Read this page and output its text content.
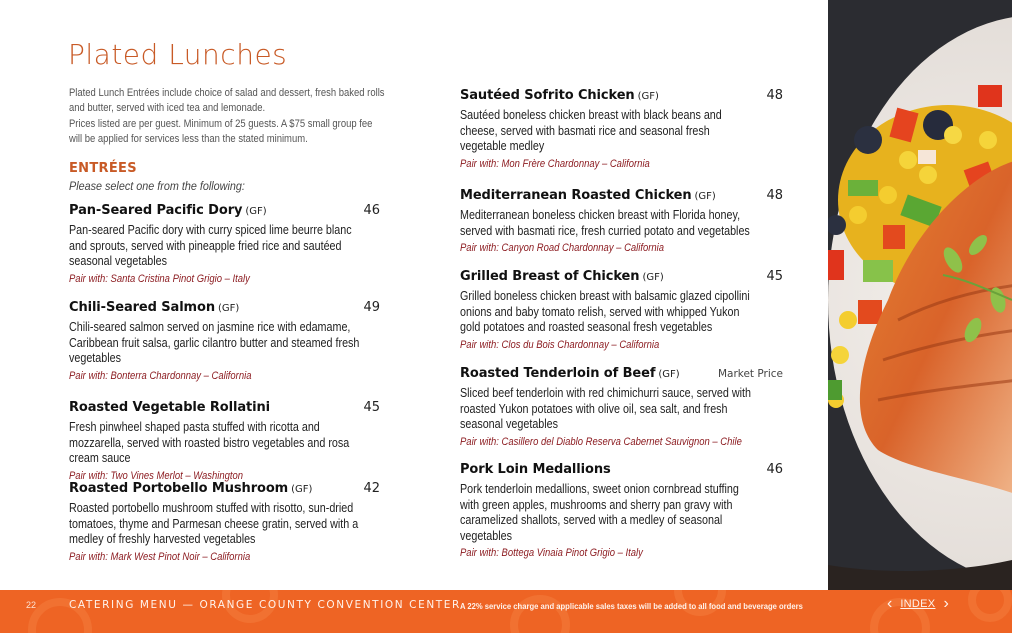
Plated Lunches

Plated Lunch Entrées include choice of salad and dessert, fresh baked rolls and butter, served with iced tea and lemonade.

Prices listed are per guest. Minimum of 25 guests. A $75 small group fee will be applied for services less than the stated minimum.

ENTRÉES
Please select one from the following:
Pan-Seared Pacific Dory (GF)	46
Pan-seared Pacific dory with curry spiced lime beurre blanc and sprouts, served with pineapple fried rice and sautéed seasonal vegetables
Pair with: Santa Cristina Pinot Grigio – Italy
Chili-Seared Salmon (GF)	49
Chili-seared salmon served on jasmine rice with edamame, Caribbean fruit salsa, garlic cilantro butter and steamed fresh vegetables
Pair with: Bonterra Chardonnay – California
Roasted Vegetable Rollatini	45
Fresh pinwheel shaped pasta stuffed with ricotta and mozzarella, served with roasted bistro vegetables and rosa cream sauce
Pair with: Two Vines Merlot – Washington
Roasted Portobello Mushroom (GF)	42
Roasted portobello mushroom stuffed with risotto, sun-dried tomatoes, thyme and Parmesan cheese gratin, served with a medley of freshly harvested vegetables
Pair with: Mark West Pinot Noir – California
Sautéed Sofrito Chicken (GF)	48
Sautéed boneless chicken breast with black beans and cheese, served with basmati rice and seasonal fresh vegetable medley
Pair with: Mon Frère Chardonnay – California
Mediterranean Roasted Chicken (GF)	48
Mediterranean boneless chicken breast with Florida honey, served with basmati rice, fresh curried potato and vegetables
Pair with: Canyon Road Chardonnay – California
Grilled Breast of Chicken (GF)	45
Grilled boneless chicken breast with balsamic glazed cipollini onions and baby tomato relish, served with whipped Yukon gold potatoes and roasted seasonal fresh vegetables
Pair with: Clos du Bois Chardonnay – California
Roasted Tenderloin of Beef (GF)	Market Price
Sliced beef tenderloin with red chimichurri sauce, served with roasted Yukon potatoes with olive oil, sea salt, and fresh seasonal vegetables
Pair with: Casillero del Diablo Reserva Cabernet Sauvignon – Chile
Pork Loin Medallions	46
Pork tenderloin medallions, sweet onion cornbread stuffing with green apples, mushrooms and sherry pan gravy with caramelized shallots, served with a medley of seasonal vegetables
Pair with: Bottega Vinaia Pinot Grigio – Italy
22	CATERING MENU — ORANGE COUNTY CONVENTION CENTER A 22% service charge and applicable sales taxes will be added to all food and beverage orders	‹ INDEX ›
